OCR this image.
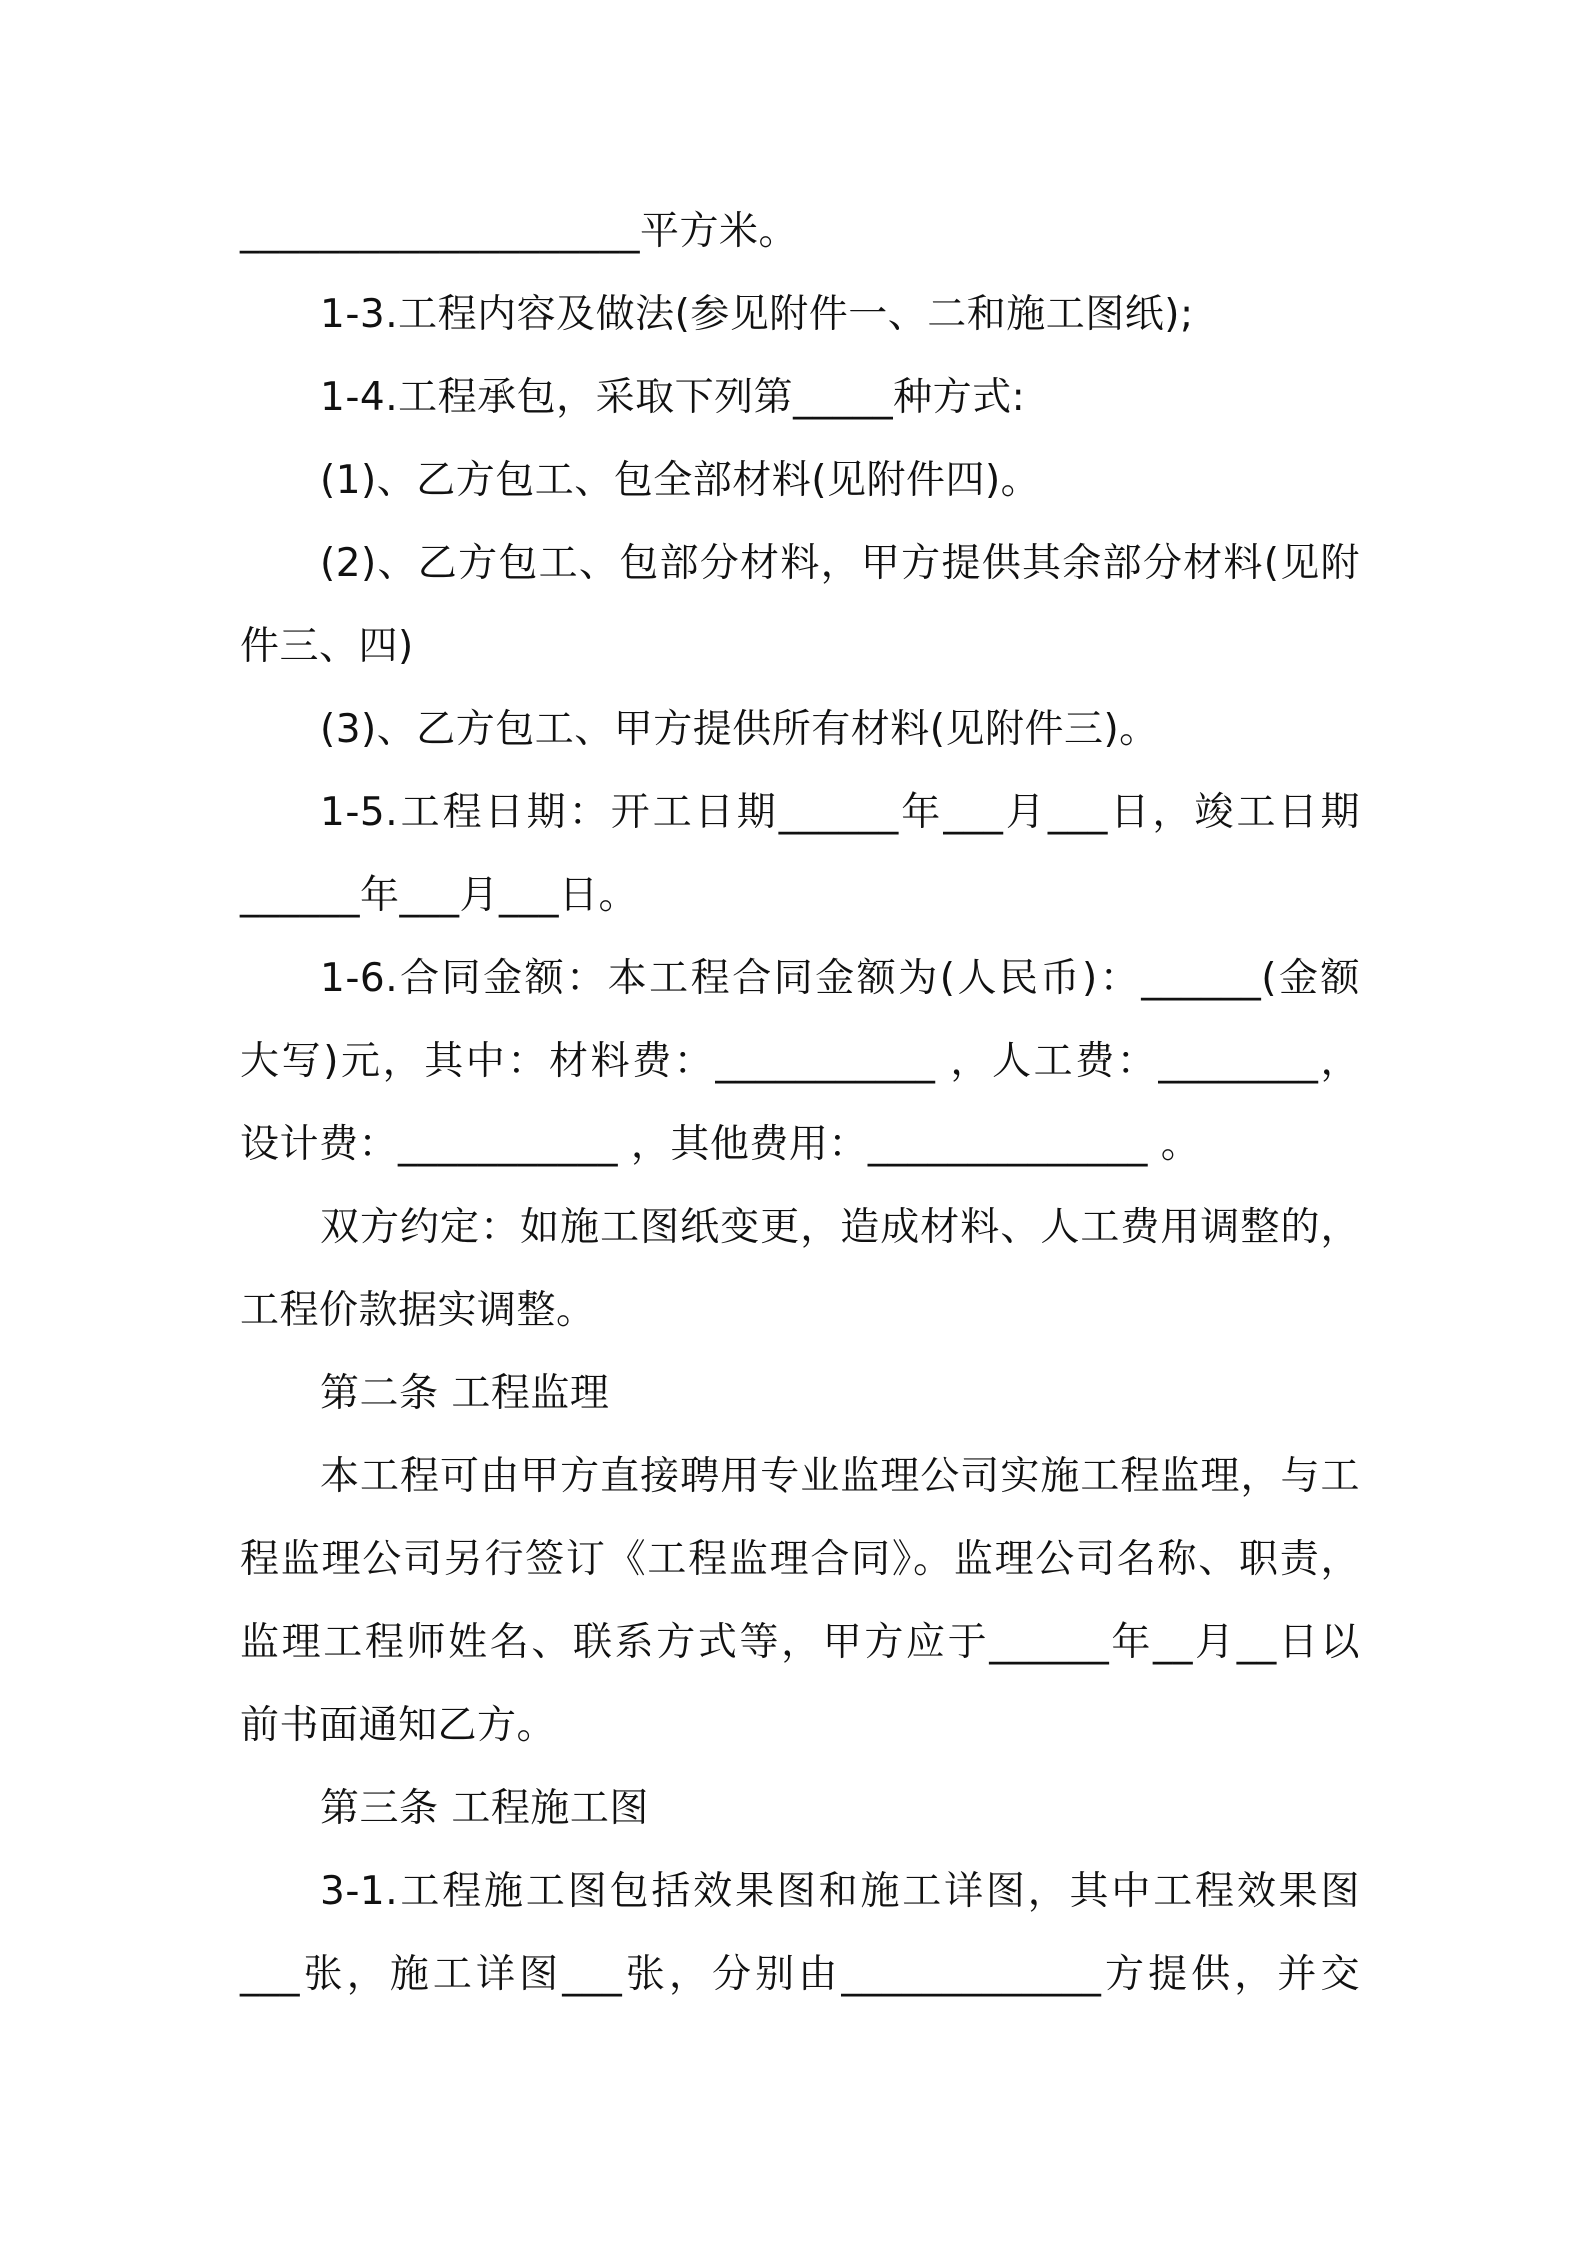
____________________平方米。
1-3.工程内容及做法(参见附件一、二和施工图纸);
1-4.工程承包，采取下列第_____种方式:
(1)、乙方包工、包全部材料(见附件四)。
(2)、乙方包工、包部分材料，甲方提供其余部分材料(见附
件三、四)
(3)、乙方包工、甲方提供所有材料(见附件三)。
1-5.工程日期：开工日期______年___月___日，竣工日期
______年___月___日。
1-6.合同金额：本工程合同金额为(人民币)：______(金额
大写)元，其中：材料费：___________ ，人工费：________，
设计费：___________ ，其他费用：______________ 。
双方约定：如施工图纸变更，造成材料、人工费用调整的，
工程价款据实调整。
第二条 工程监理
本工程可由甲方直接聘用专业监理公司实施工程监理，与工
程监理公司另行签订《工程监理合同》。监理公司名称、职责，
监理工程师姓名、联系方式等，甲方应于______年__月__日以
前书面通知乙方。
第三条 工程施工图
3-1.工程施工图包括效果图和施工详图，其中工程效果图
___张，施工详图___张，分别由_____________方提供，并交
